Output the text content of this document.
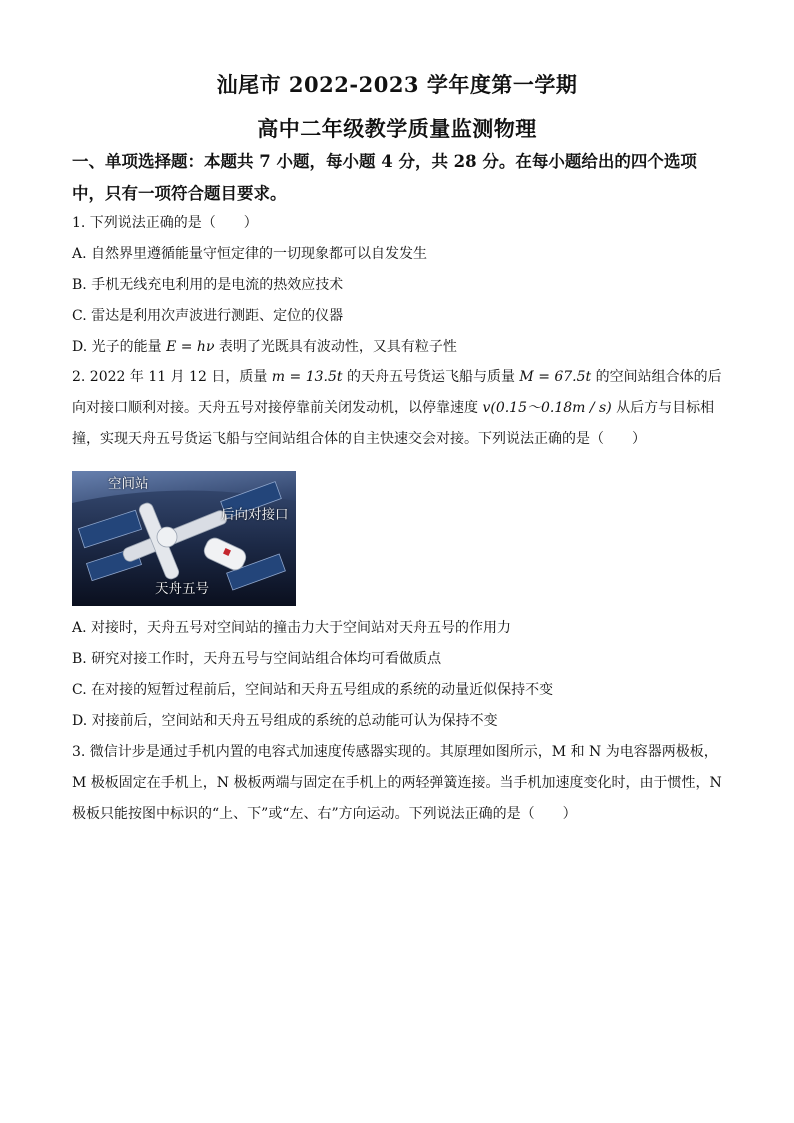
汕尾市 2022-2023 学年度第一学期
高中二年级教学质量监测物理
一、单项选择题：本题共 7 小题，每小题 4 分，共 28 分。在每小题给出的四个选项中，只有一项符合题目要求。
1. 下列说法正确的是（　　）
A. 自然界里遵循能量守恒定律的一切现象都可以自发发生
B. 手机无线充电利用的是电流的热效应技术
C. 雷达是利用次声波进行测距、定位的仪器
D. 光子的能量 E = hν 表明了光既具有波动性，又具有粒子性
2. 2022 年 11 月 12 日，质量 m = 13.5t 的天舟五号货运飞船与质量 M = 67.5t 的空间站组合体的后向对接口顺利对接。天舟五号对接停靠前关闭发动机，以停靠速度 v(0.15～0.18m / s) 从后方与目标相撞，实现天舟五号货运飞船与空间站组合体的自主快速交会对接。下列说法正确的是（　　）
空间站
后向对接口
天舟五号
A. 对接时，天舟五号对空间站的撞击力大于空间站对天舟五号的作用力
B. 研究对接工作时，天舟五号与空间站组合体均可看做质点
C. 在对接的短暂过程前后，空间站和天舟五号组成的系统的动量近似保持不变
D. 对接前后，空间站和天舟五号组成的系统的总动能可认为保持不变
3. 微信计步是通过手机内置的电容式加速度传感器实现的。其原理如图所示，M 和 N 为电容器两极板，M 极板固定在手机上，N 极板两端与固定在手机上的两轻弹簧连接。当手机加速度变化时，由于惯性，N 极板只能按图中标识的“上、下”或“左、右”方向运动。下列说法正确的是（　　）
